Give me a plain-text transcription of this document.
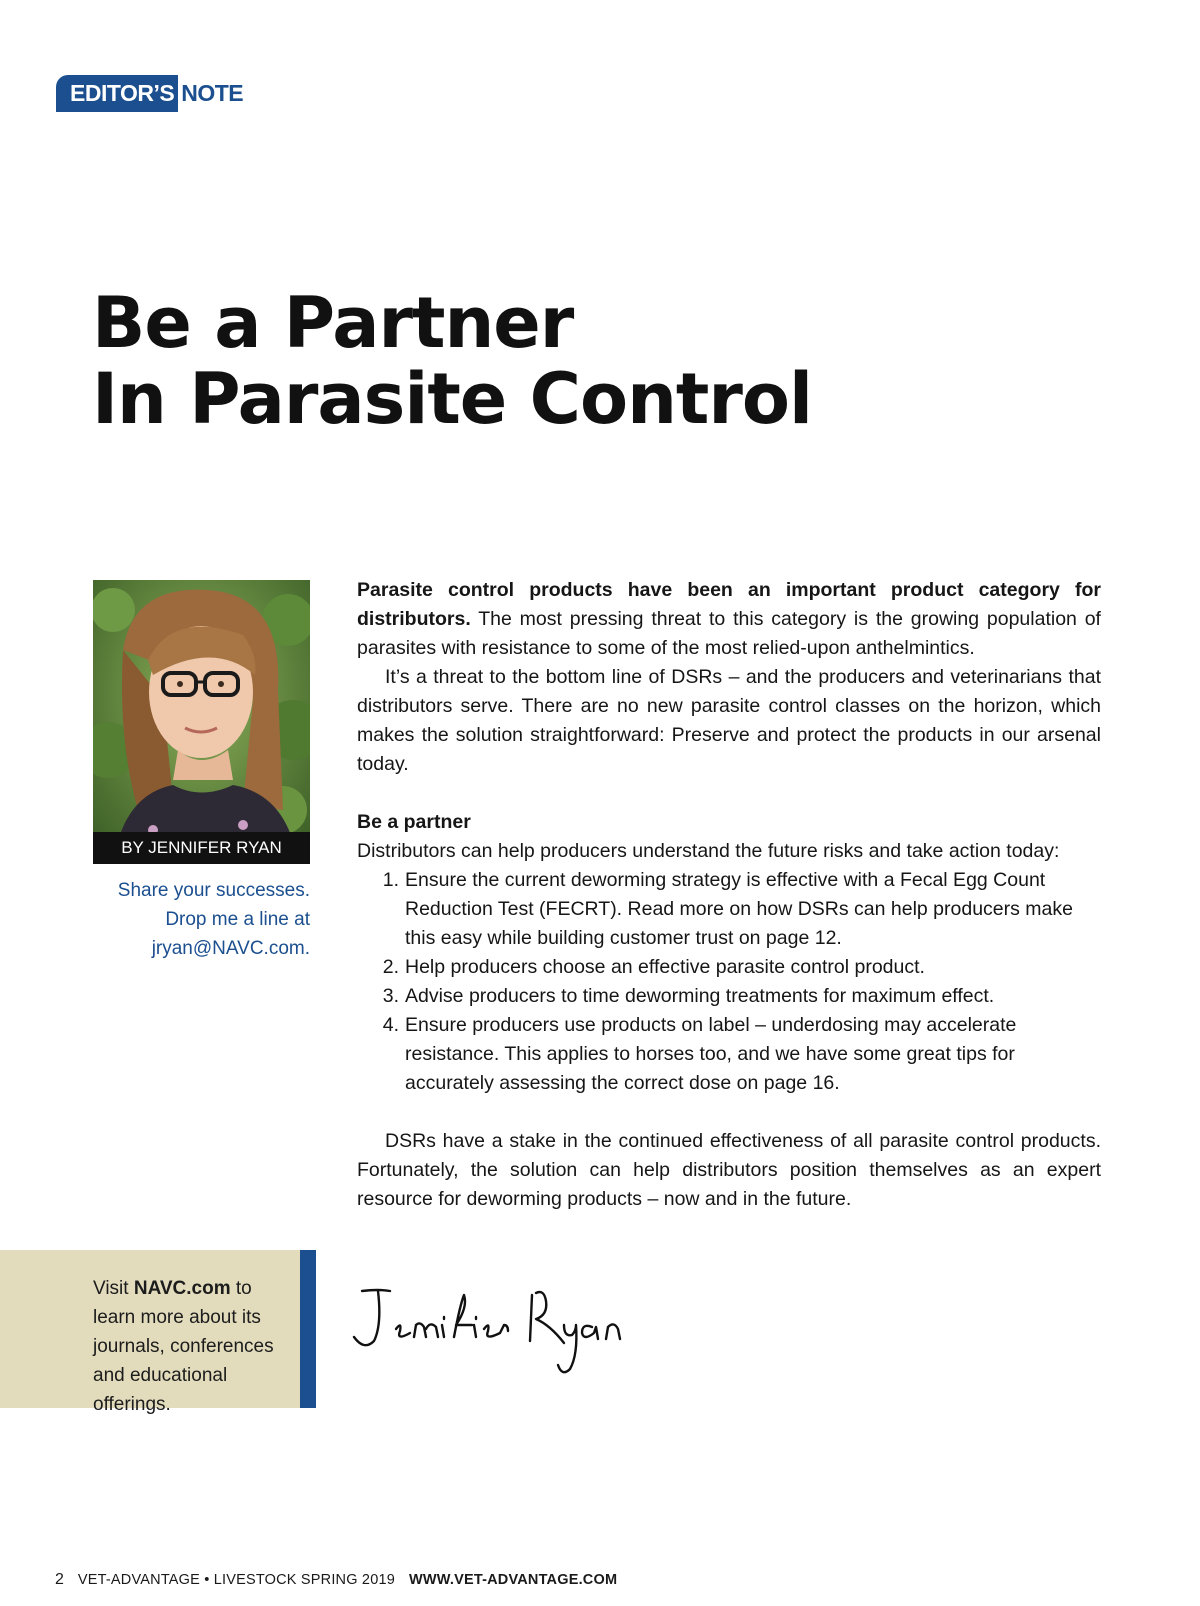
EDITOR’S NOTE
Be a Partner
In Parasite Control
BY JENNIFER RYAN
Share your successes.
Drop me a line at
jryan@NAVC.com.

Parasite control products have been an important product category for distributors. The most pressing threat to this category is the growing population of parasites with resistance to some of the most relied-upon anthelmintics.

It’s a threat to the bottom line of DSRs – and the producers and veterinarians that distributors serve. There are no new parasite control classes on the horizon, which makes the solution straightforward: Preserve and protect the products in our arsenal today.

Be a partner

Distributors can help producers understand the future risks and take action today:

1. Ensure the current deworming strategy is effective with a Fecal Egg Count Reduction Test (FECRT). Read more on how DSRs can help producers make this easy while building customer trust on page 12.
2. Help producers choose an effective parasite control product.
3. Advise producers to time deworming treatments for maximum effect.
4. Ensure producers use products on label – underdosing may accelerate resistance. This applies to horses too, and we have some great tips for accurately assessing the correct dose on page 16.

DSRs have a stake in the continued effectiveness of all parasite control products. Fortunately, the solution can help distributors position themselves as an expert resource for deworming products – now and in the future.

Visit NAVC.com to learn more about its journals, conferences and educational offerings.
2 VET-ADVANTAGE • LIVESTOCK SPRING 2019 WWW.VET-ADVANTAGE.COM
